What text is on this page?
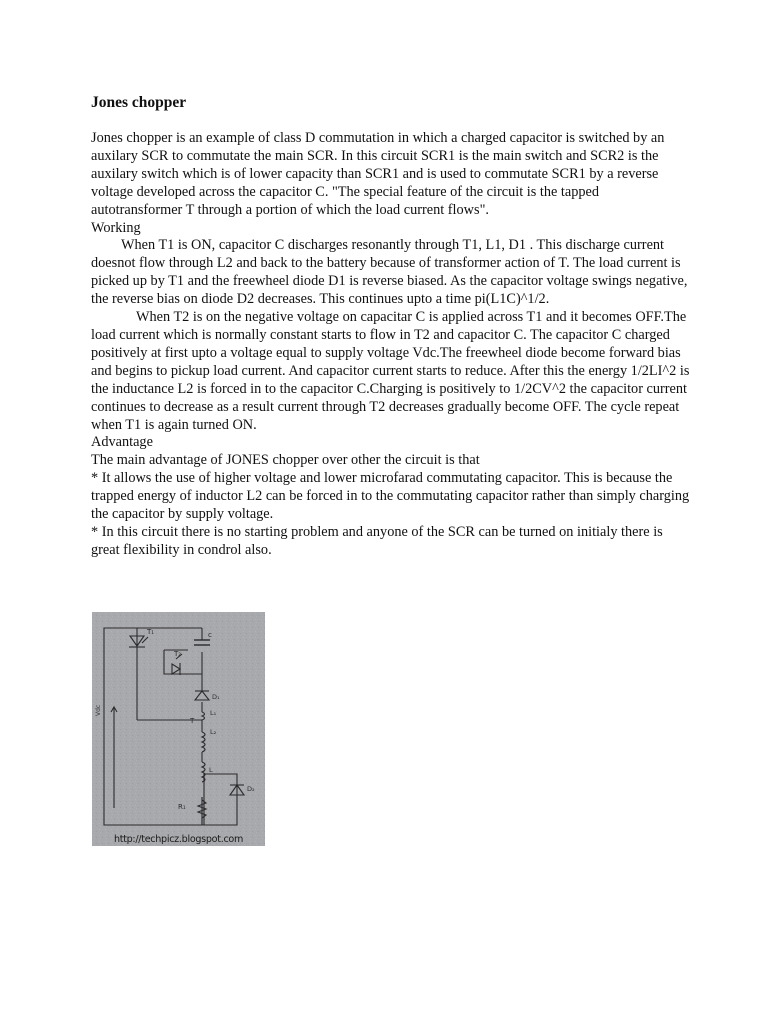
Jones chopper

Jones chopper is an example of class D commutation in which a charged capacitor is switched by an auxilary SCR to commutate the main SCR. In this circuit SCR1 is the main switch and SCR2 is the auxilary switch which is of lower capacity than SCR1 and is used to commutate SCR1 by a reverse voltage developed across the capacitor C. "The special feature of the circuit is the tapped autotransformer T through a portion of which the load current flows".

Working

When T1 is ON, capacitor C discharges resonantly through T1, L1, D1 . This discharge current doesnot flow through L2 and back to the battery because of transformer action of T. The load current is picked up by T1 and the freewheel diode D1 is reverse biased. As the capacitor voltage swings negative, the reverse bias on diode D2 decreases. This continues upto a time pi(L1C)^1/2.

When T2 is on the negative voltage on capacitar C is applied across T1 and it becomes OFF.The load current which is normally constant starts to flow in T2 and capacitor C. The capacitor C charged positively at first upto a voltage equal to supply voltage Vdc.The freewheel diode become forward bias and begins to pickup load current. And capacitor current starts to reduce. After this the energy 1/2LI^2 is the inductance L2 is forced in to the capacitor C.Charging is positively to 1/2CV^2 the capacitor current continues to decrease as a result current through T2 decreases gradually become OFF. The cycle repeat when T1 is again turned ON.

Advantage

The main advantage of JONES chopper over other the circuit is that

* It allows the use of higher voltage and lower microfarad commutating capacitor. This is because the trapped energy of inductor L2 can be forced in to the commutating capacitor rather than simply charging the capacitor by supply voltage.

* In this circuit there is no starting problem and anyone of the SCR can be turned on initialy there is great flexibility in condrol also.

T₁	c
T₂
D₁
L₁
T
L₂
L
R₁
D₂
Vdc
http://techpicz.blogspot.com
